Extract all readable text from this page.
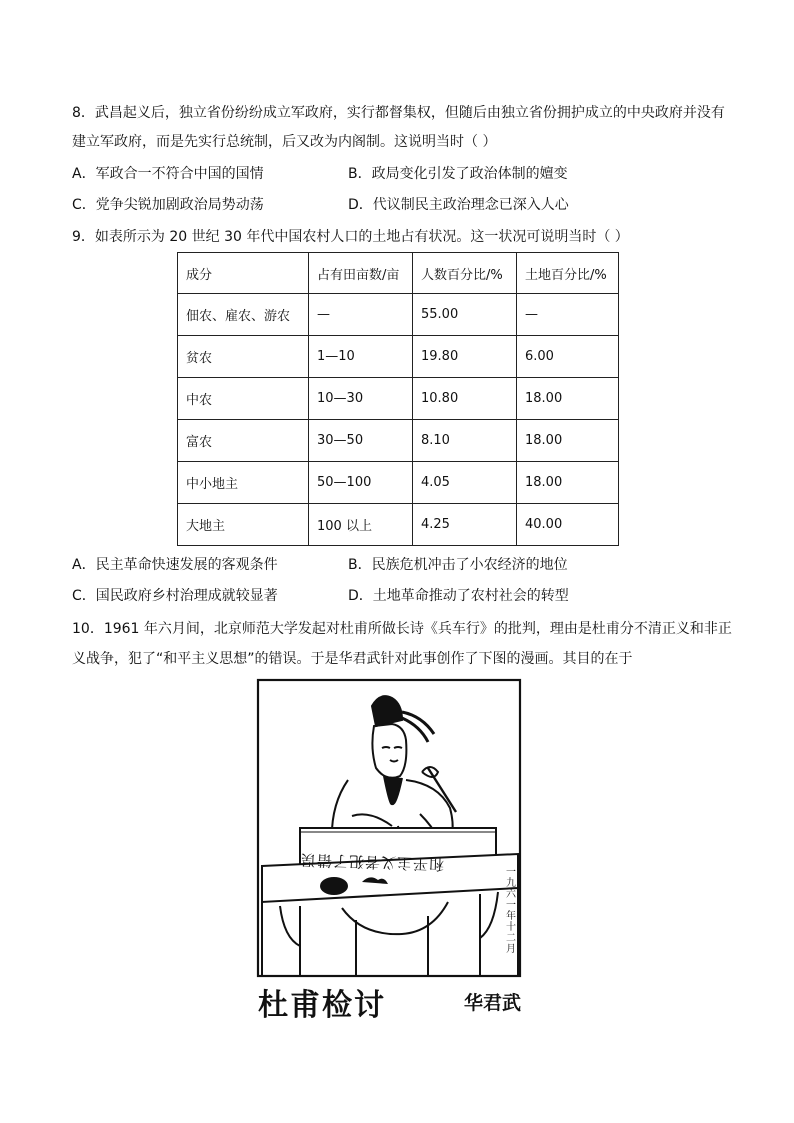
8．武昌起义后，独立省份纷纷成立军政府，实行都督集权，但随后由独立省份拥护成立的中央政府并没有
建立军政府，而是先实行总统制，后又改为内阁制。这说明当时（ ）
A．军政合一不符合中国的国情	B．政局变化引发了政治体制的嬗变
C．党争尖锐加剧政治局势动荡	D．代议制民主政治理念已深入人心
9．如表所示为 20 世纪 30 年代中国农村人口的土地占有状况。这一状况可说明当时（ ）
成分	占有田亩数/亩	人数百分比/%	土地百分比/%
佃农、雇农、游农	—	55.00	—
贫农	1—10	19.80	6.00
中农	10—30	10.80	18.00
富农	30—50	8.10	18.00
中小地主	50—100	4.05	18.00
大地主	100 以上	4.25	40.00
A．民主革命快速发展的客观条件	B．民族危机冲击了小农经济的地位
C．国民政府乡村治理成就较显著	D．土地革命推动了农村社会的转型
10．1961 年六月间，北京师范大学发起对杜甫所做长诗《兵车行》的批判，理由是杜甫分不清正义和非正
义战争，犯了“和平主义思想”的错误。于是华君武针对此事创作了下图的漫画。其目的在于
和平主义者犯了错误	一九六一年十二月
杜甫检讨	华君武
